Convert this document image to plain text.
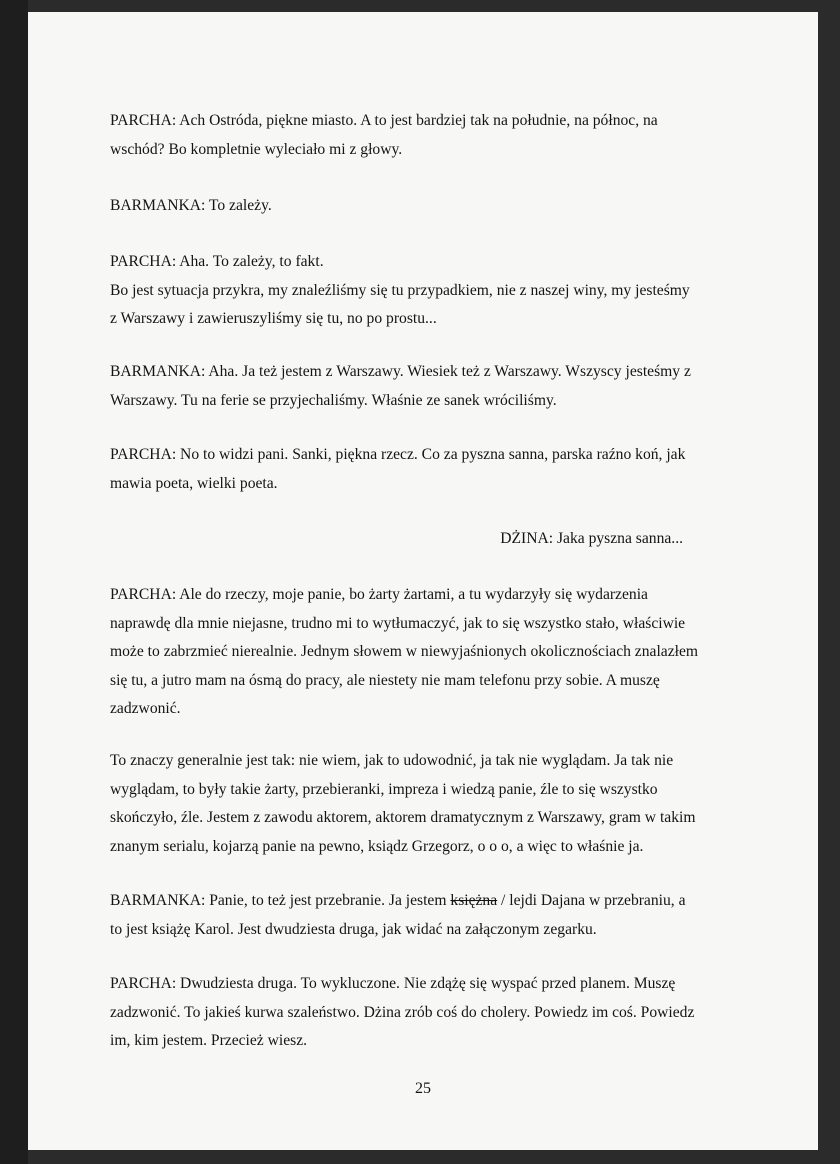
PARCHA: Ach Ostróda, piękne miasto. A to jest bardziej tak na południe, na północ, na

wschód? Bo kompletnie wyleciało mi z głowy.

BARMANKA: To zależy.

PARCHA: Aha. To zależy, to fakt.

Bo jest sytuacja przykra, my znaleźliśmy się tu przypadkiem, nie z naszej winy, my jesteśmy

z Warszawy i zawieruszyliśmy się tu, no po prostu...

BARMANKA: Aha. Ja też jestem z Warszawy. Wiesiek też z Warszawy. Wszyscy jesteśmy z

Warszawy. Tu na ferie se przyjechaliśmy. Właśnie ze sanek wróciliśmy.

PARCHA: No to widzi pani. Sanki, piękna rzecz. Co za pyszna sanna, parska raźno koń, jak

mawia poeta, wielki poeta.

DŻINA: Jaka pyszna sanna...

PARCHA: Ale do rzeczy, moje panie, bo żarty żartami, a tu wydarzyły się wydarzenia

naprawdę dla mnie niejasne, trudno mi to wytłumaczyć, jak to się wszystko stało, właściwie

może to zabrzmieć nierealnie. Jednym słowem w niewyjaśnionych okolicznościach znalazłem

się tu, a jutro mam na ósmą do pracy, ale niestety nie mam telefonu przy sobie. A muszę

zadzwonić.

To znaczy generalnie jest tak: nie wiem, jak to udowodnić, ja tak nie wyglądam. Ja tak nie

wyglądam, to były takie żarty, przebieranki, impreza i wiedzą panie, źle to się wszystko

skończyło, źle. Jestem z zawodu aktorem, aktorem dramatycznym z Warszawy, gram w takim

znanym serialu, kojarzą panie na pewno, ksiądz Grzegorz, o o o, a więc to właśnie ja.

BARMANKA: Panie, to też jest przebranie. Ja jestem księżna / lejdi Dajana w przebraniu, a

to jest książę Karol. Jest dwudziesta druga, jak widać na załączonym zegarku.

PARCHA: Dwudziesta druga. To wykluczone. Nie zdążę się wyspać przed planem. Muszę

zadzwonić. To jakieś kurwa szaleństwo. Dżina zrób coś do cholery. Powiedz im coś. Powiedz

im, kim jestem. Przecież wiesz.

25
